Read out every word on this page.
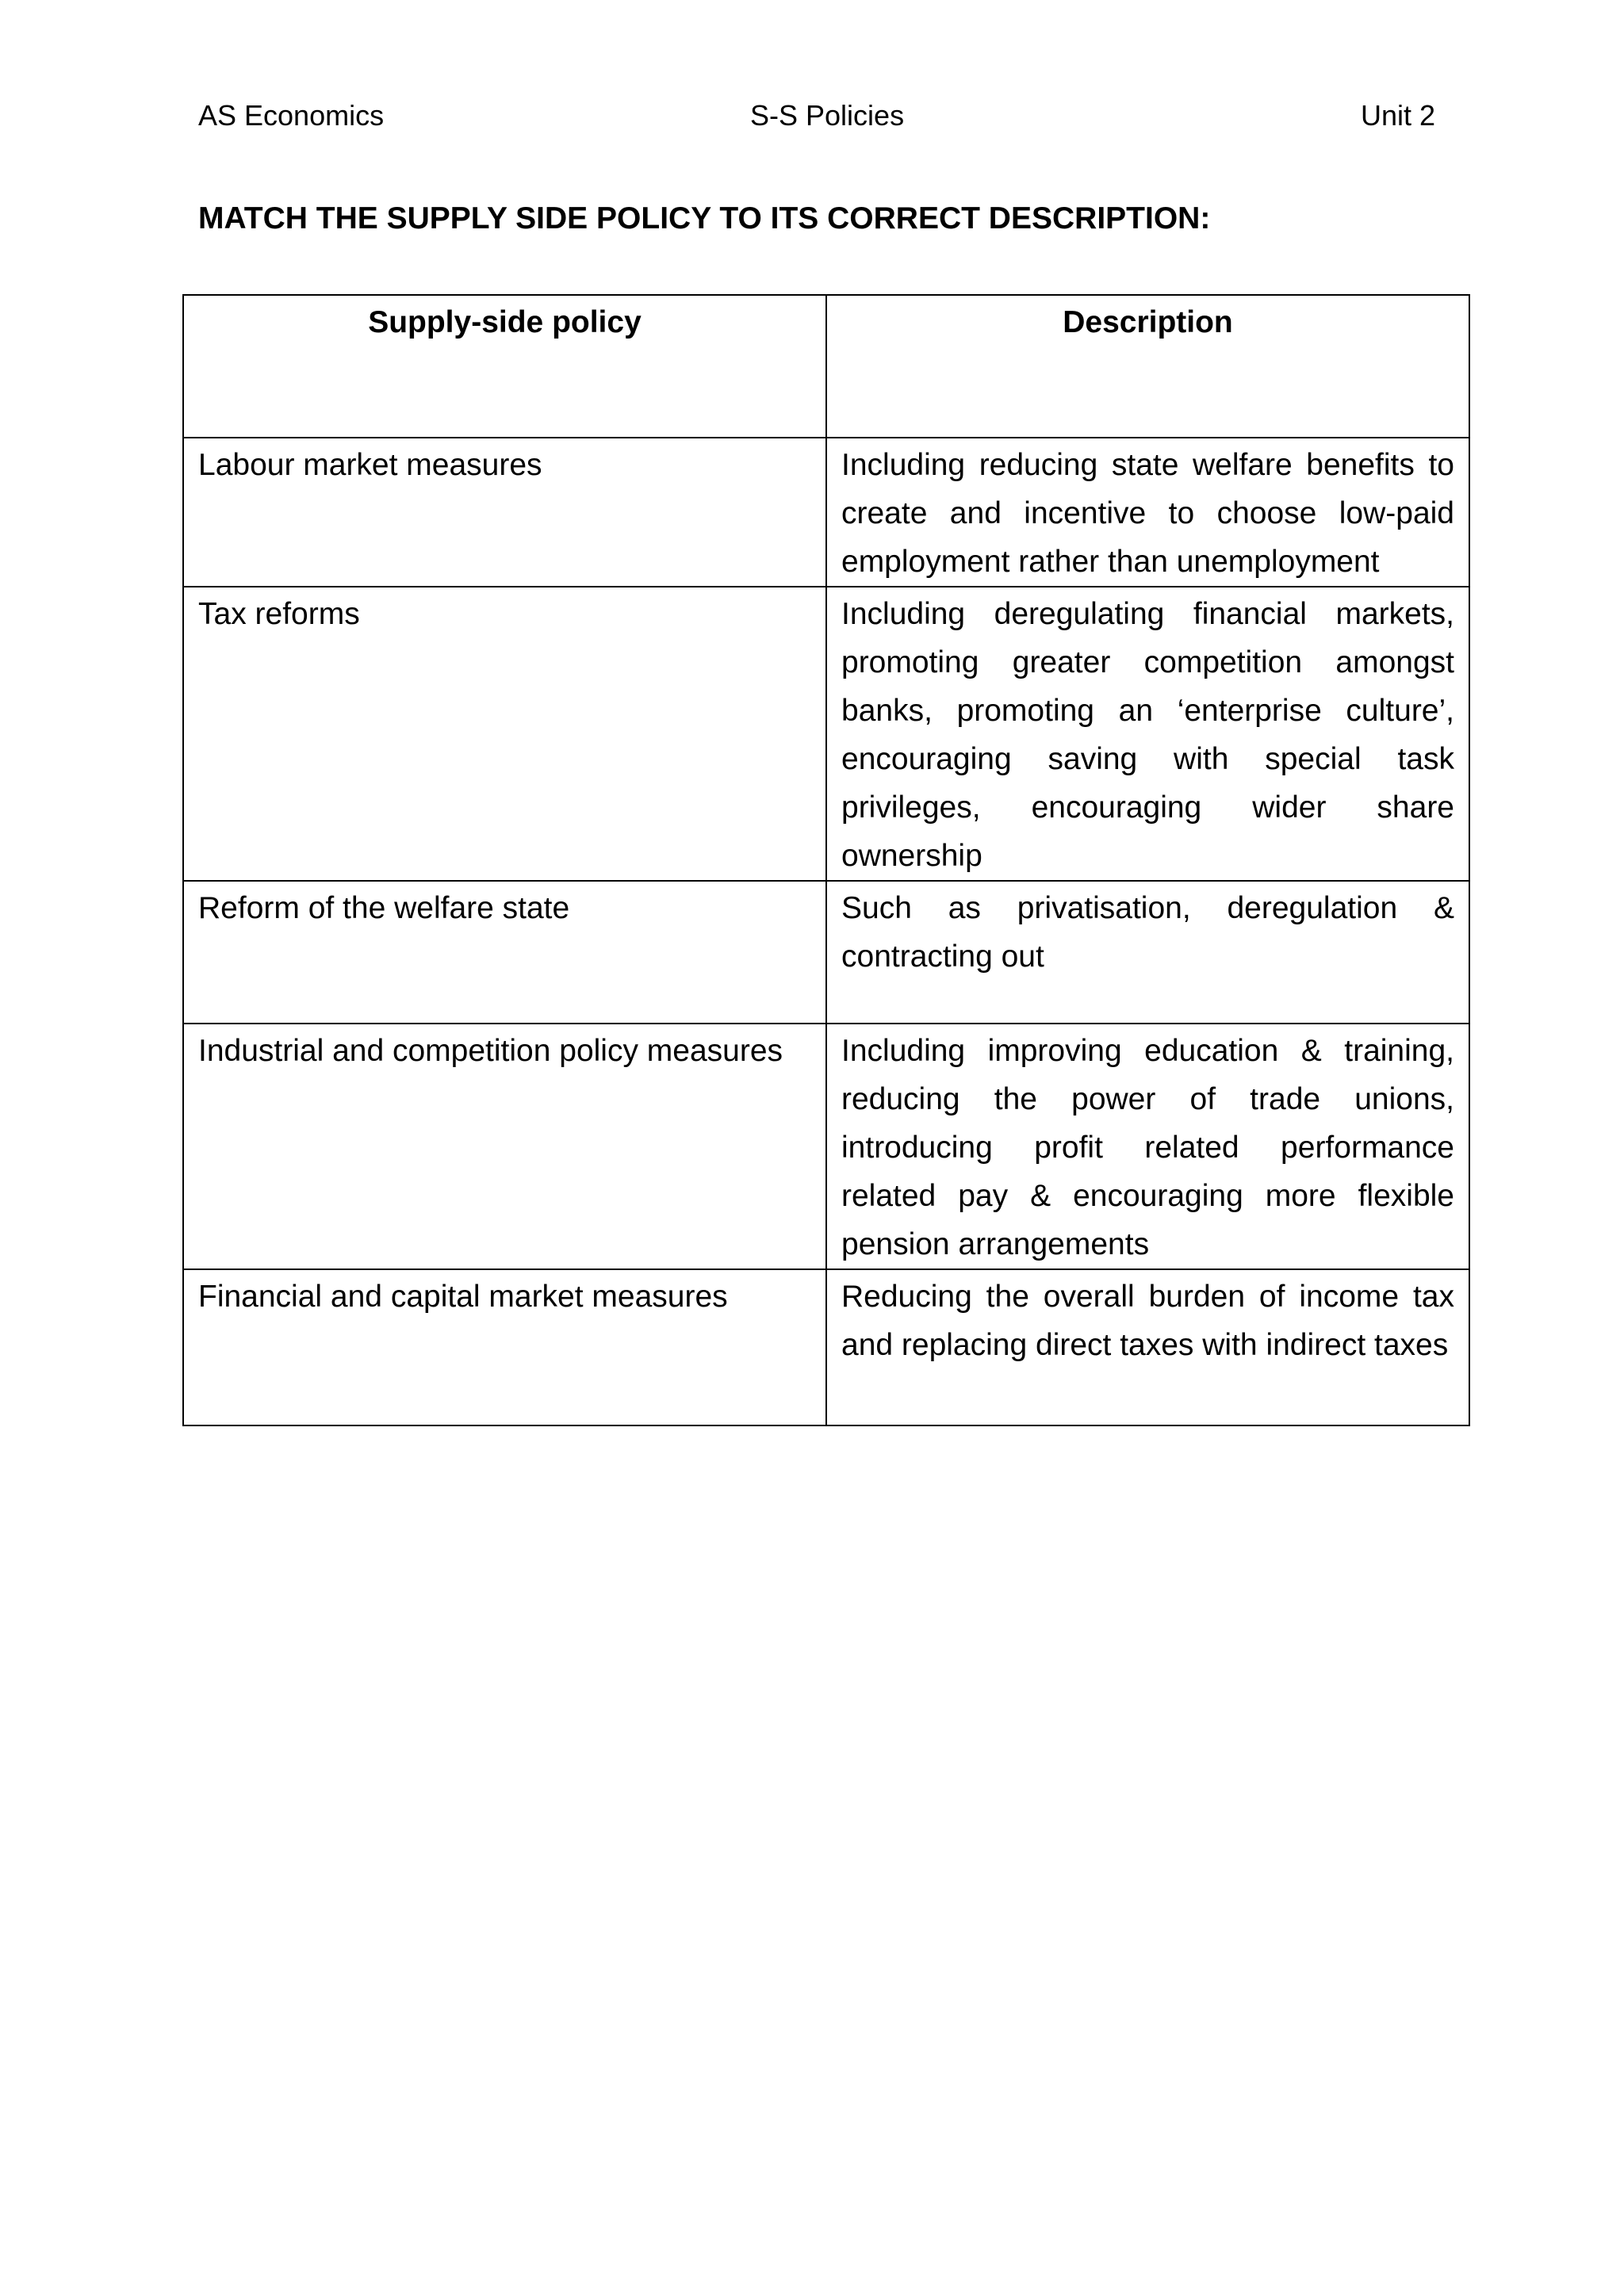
AS Economics	S-S Policies	Unit 2
MATCH THE SUPPLY SIDE POLICY TO ITS CORRECT DESCRIPTION:
Supply-side policy	Description
Labour market measures	Including reducing state welfare benefits to create and incentive to choose low-paid employment rather than unemployment
Tax reforms	Including deregulating financial markets, promoting greater competition amongst banks, promoting an ‘enterprise culture’, encouraging saving with special task privileges, encouraging wider share ownership
Reform of the welfare state	Such as privatisation, deregulation & contracting out
Industrial and competition policy measures	Including improving education & training, reducing the power of trade unions, introducing profit related performance related pay & encouraging more flexible pension arrangements
Financial and capital market measures	Reducing the overall burden of income tax and replacing direct taxes with indirect taxes
